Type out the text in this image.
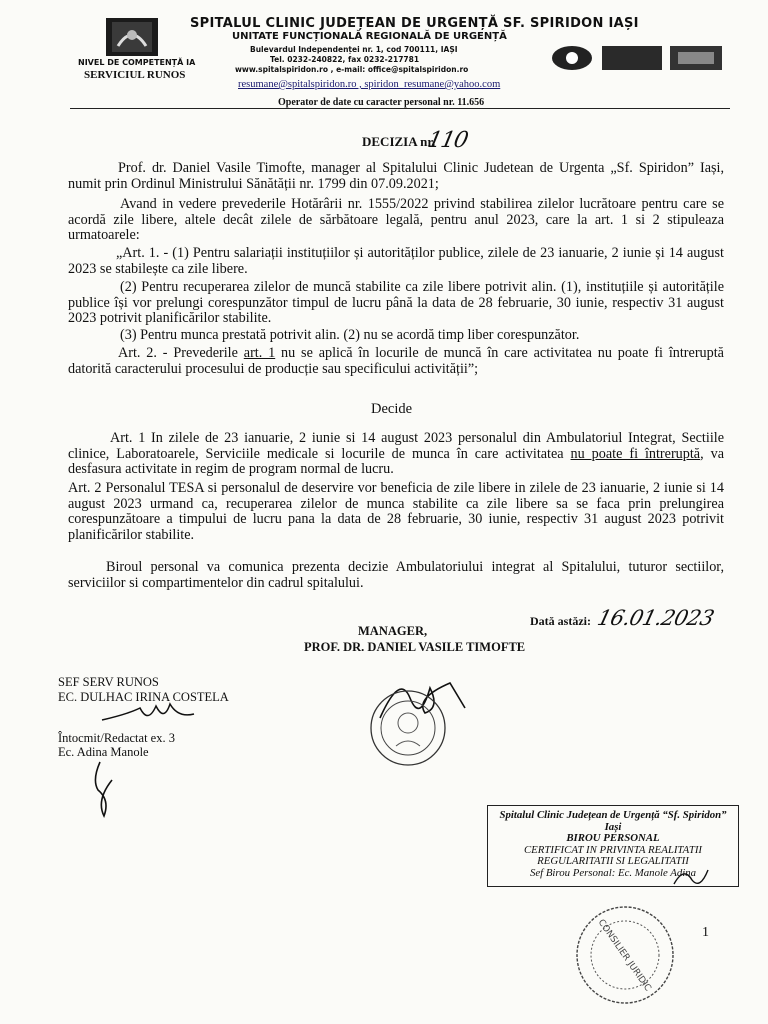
SPITALUL CLINIC JUDEȚEAN DE URGENȚĂ SF. SPIRIDON IAȘI
UNITATE FUNCȚIONALĂ REGIONALĂ DE URGENȚĂ
Bulevardul Independenței nr. 1, cod 700111, IAȘI
Tel. 0232-240822, fax 0232-217781
www.spitalspiridon.ro , e-mail: office@spitalspiridon.ro
NIVEL DE COMPETENȚĂ IA
SERVICIUL RUNOS
resumane@spitalspiridon.ro , spiridon_resumane@yahoo.com
Operator de date cu caracter personal nr. 11.656
DECIZIA nr.
110
Prof. dr. Daniel Vasile Timofte, manager al Spitalului Clinic Judetean de Urgenta „Sf. Spiridon” Iași, numit prin Ordinul Ministrului Sănătății nr. 1799 din 07.09.2021;
Avand in vedere prevederile Hotărârii nr. 1555/2022 privind stabilirea zilelor lucrătoare pentru care se acordă zile libere, altele decât zilele de sărbătoare legală, pentru anul 2023, care la art. 1 si 2 stipuleaza urmatoarele:
„Art. 1. - (1) Pentru salariații instituțiilor și autorităților publice, zilele de 23 ianuarie, 2 iunie și 14 august 2023 se stabilește ca zile libere.
(2) Pentru recuperarea zilelor de muncă stabilite ca zile libere potrivit alin. (1), instituțiile și autoritățile publice își vor prelungi corespunzător timpul de lucru până la data de 28 februarie, 30 iunie, respectiv 31 august 2023 potrivit planificărilor stabilite.
(3) Pentru munca prestată potrivit alin. (2) nu se acordă timp liber corespunzător.
Art. 2. - Prevederile art. 1 nu se aplică în locurile de muncă în care activitatea nu poate fi întreruptă datorită caracterului procesului de producție sau specificului activității”;
Decide
Art. 1 In zilele de 23 ianuarie, 2 iunie si 14 august 2023 personalul din Ambulatoriul Integrat, Sectiile clinice, Laboratoarele, Serviciile medicale si locurile de munca în care activitatea nu poate fi întreruptă, va desfasura activitate in regim de program normal de lucru.
Art. 2 Personalul TESA si personalul de deservire vor beneficia de zile libere in zilele de 23 ianuarie, 2 iunie si 14 august 2023 urmand ca, recuperarea zilelor de munca stabilite ca zile libere sa se faca prin prelungirea corespunzătoare a timpului de lucru pana la data de 28 februarie, 30 iunie, respectiv 31 august 2023 potrivit planificărilor stabilite.
Biroul personal va comunica prezenta decizie Ambulatoriului integrat al Spitalului, tuturor sectiilor, serviciilor si compartimentelor din cadrul spitalului.
Dată astăzi: 16.01.2023
MANAGER,
PROF. DR. DANIEL VASILE TIMOFTE
SEF SERV RUNOS
EC. DULHAC IRINA COSTELA
Întocmit/Redactat ex. 3
Ec. Adina Manole
Spitalul Clinic Județean de Urgență “Sf. Spiridon”
Iași
BIROU PERSONAL
CERTIFICAT IN PRIVINTA REALITATII
REGULARITATII SI LEGALITATII
Sef Birou Personal: Ec. Manole Adina
CONSILIER JURIDIC	1
